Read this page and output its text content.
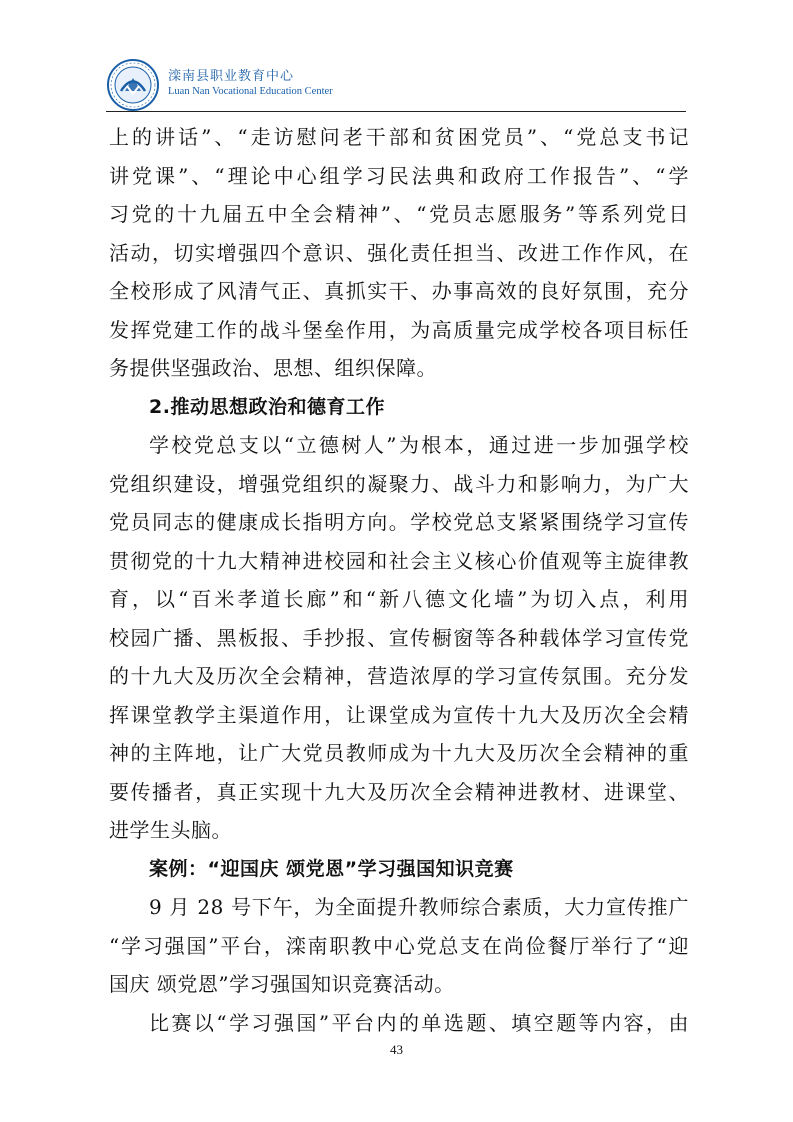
滦南县职业教育中心
Luan Nan Vocational Education Center
上的讲话”、“走访慰问老干部和贫困党员”、“党总支书记
讲党课”、“理论中心组学习民法典和政府工作报告”、“学
习党的十九届五中全会精神”、“党员志愿服务”等系列党日
活动，切实增强四个意识、强化责任担当、改进工作作风，在
全校形成了风清气正、真抓实干、办事高效的良好氛围，充分
发挥党建工作的战斗堡垒作用，为高质量完成学校各项目标任
务提供坚强政治、思想、组织保障。
2.推动思想政治和德育工作
学校党总支以“立德树人”为根本，通过进一步加强学校
党组织建设，增强党组织的凝聚力、战斗力和影响力，为广大
党员同志的健康成长指明方向。学校党总支紧紧围绕学习宣传
贯彻党的十九大精神进校园和社会主义核心价值观等主旋律教
育，以“百米孝道长廊”和“新八德文化墙”为切入点，利用
校园广播、黑板报、手抄报、宣传橱窗等各种载体学习宣传党
的十九大及历次全会精神，营造浓厚的学习宣传氛围。充分发
挥课堂教学主渠道作用，让课堂成为宣传十九大及历次全会精
神的主阵地，让广大党员教师成为十九大及历次全会精神的重
要传播者，真正实现十九大及历次全会精神进教材、进课堂、
进学生头脑。
案例：“迎国庆 颂党恩”学习强国知识竞赛
9 月 28 号下午，为全面提升教师综合素质，大力宣传推广
“学习强国”平台，滦南职教中心党总支在尚俭餐厅举行了“迎
国庆 颂党恩”学习强国知识竞赛活动。
比赛以“学习强国”平台内的单选题、填空题等内容，由
43
